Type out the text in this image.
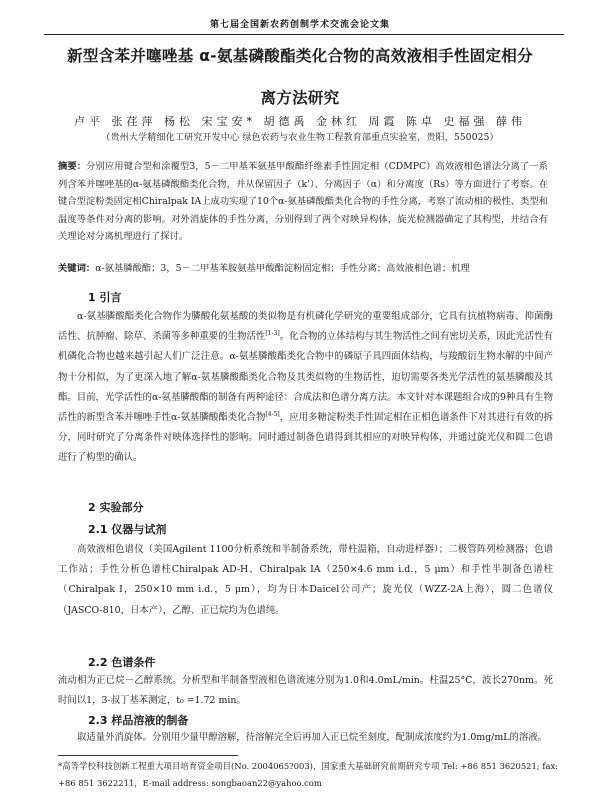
第七届全国新农药创制学术交流会论文集
新型含苯并噻唑基 α-氨基磷酸酯类化合物的高效液相手性固定相分
离方法研究
卢平 张荏萍 杨松 宋宝安* 胡德禹 金林红 周霞 陈卓 史福强 薛伟
（贵州大学精细化工研究开发中心 绿色农药与农业生物工程教育部重点实验室，贵阳，550025）
摘要：分别应用键合型和涂覆型3，5－二甲基苯氨基甲酸酯纤维素手性固定相（CDMPC）高效液相色谱法分离了一系列含苯并噻唑基的α-氨基磷酸酯类化合物，并从保留因子（k'）、分离因子（α）和分离度（Rs）等方面进行了考察。在键合型淀粉类固定相Chiralpak IA上成功实现了10个α-氨基磷酸酯类化合物的手性分离，考察了流动相的极性、类型和温度等条件对分离的影响。对外消旋体的手性分离，分别得到了两个对映异构体，旋光检测器确定了其构型，并结合有关理论对分离机理进行了探讨。
关键词：α-氨基膦酸酯；3，5－二甲基苯胺氨基甲酸酯淀粉固定相；手性分离；高效液相色谱；机理
1 引言
α-氨基膦酸酯类化合物作为膦酸化氨基酸的类似物是有机磷化学研究的重要组成部分，它具有抗植物病毒、抑菌酶活性、抗肿瘤、除草、杀菌等多种重要的生物活性[1-3]。化合物的立体结构与其生物活性之间有密切关系，因此光活性有机磷化合物也越来越引起人们广泛注意。α-氨基膦酸酯类化合物中的磷原子具四面体结构，与羧酸衍生物水解的中间产物十分相似，为了更深入地了解α-氨基膦酸酯类化合物及其类似物的生物活性，迫切需要各类光学活性的氨基膦酸及其酯。目前，光学活性的α-氨基膦酸酯的制备有两种途径：合成法和色谱分离方法。本文针对本课题组合成的9种具有生物活性的新型含苯并噻唑手性α-氨基膦酸酯类化合物[4-5]，应用多糖淀粉类手性固定相在正相色谱条件下对其进行有效的拆分，同时研究了分离条件对映体选择性的影响。同时通过制备色谱得到其相应的对映异构体，并通过旋光仪和圆二色谱进行了构型的确认。
2 实验部分
2.1 仪器与试剂
高效液相色谱仪（美国Agilent 1100分析系统和半制备系统，带柱温箱，自动进样器）；二极管阵列检测器；色谱工作站；手性分析色谱柱Chiralpak AD-H、Chiralpak IA（250×4.6 mm i.d.，5 μm）和手性半制备色谱柱（Chiralpak I，250×10 mm i.d.，5 μm），均为日本Daicel公司产；旋光仪（WZZ-2A上海），圆二色谱仪（JASCO-810，日本产），乙醇、正已烷均为色谱纯。
2.2 色谱条件
流动相为正已烷－乙醇系统。分析型和半制备型液相色谱流速分别为1.0和4.0mL/min。柱温25°C，波长270nm。死时间以1，3-叔丁基苯测定，t₀ =1.72 min。
2.3 样品溶液的制备
取适量外消旋体。分别用少量甲醇溶解，待溶解完全后再加入正已烷至刻度，配制成浓度约为1.0mg/mL的溶液。
*高等学校科技创新工程重大项目培育资金项目(No. 2004065?003)，国家重大基础研究前期研究专项 Tel: +86 851 3620521; fax: +86 851 3622211，E-mail address: songbaoan22@yahoo.com
